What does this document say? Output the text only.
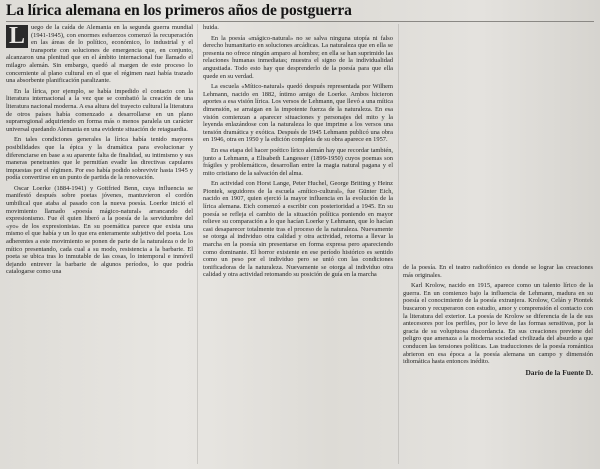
La lírica alemana en los primeros años de postguerra

L uego de la caída de Alemania en la segunda guerra mundial (1941-1945), con enormes esfuerzos comenzó la recuperación en las áreas de lo político, económico, lo industrial y el transporte con soluciones de emergencia que, en conjunto, alcanzaron una plenitud que en el ámbito internacional fue llamado el milagro alemán. Sin embargo, quedó al margen de este proceso lo concerniente al plano cultural en el que el régimen nazi había trazado una absorbente planificación paralizante.

En la lírica, por ejemplo, se había impedido el contacto con la literatura internacional a la vez que se combatió la creación de una literatura nacional moderna. A esa altura del trayecto cultural la literatura de otros países había comenzado a desarrollarse en un plano suprarregional adquiriendo en forma más o menos paralela un carácter universal quedando Alemania en una evidente situación de retaguardia.

En tales condiciones generales la lírica había tenido mayores posibilidades que la épica y la dramática para evolucionar y diferenciarse en base a su aparente falta de finalidad, su intimismo y sus maneras penetrantes que le permitían evadir las directivas capulares impuestas por el régimen. Por eso había podido sobrevivir hasta 1945 y podía convertirse en un punto de partida de la renovación.

Oscar Loerke (1884-1941) y Gottfried Benn, cuya influencia se manifestó después sobre poetas jóvenes, mantuvieron el cordón umbilical que ataba al pasado con la nueva poesía. Loerke inició el movimiento llamado «poesía mágico-natural» arrancando del expresionismo. Fue él quien liberó a la poesía de la servidumbre del «yo» de los expresionistas. En su poemática parece que exista una mismo el que había y un lo que era enteramente subjetivo del poeta. Los adherentes a este movimiento se ponen de parte de la naturaleza o de lo mítico presentando, cada cual a su modo, resistencia a la barbarie. El poeta se ubica tras lo inmutable de las cosas, lo intemporal e inmóvil dejando entrever la barbarie de algunos períodos, lo que podría catalogarse como una

huida.

En la poesía «mágico-natural» no se salva ninguna utopía ni falso derecho humanitario en soluciones arcádicas. La naturaleza que en ella se presenta no ofrece ningún amparo al hombre; en ella se han suprimido las relaciones humanas inmediatas; muestra el signo de la individualidad angustiada. Todo esto hay que desprenderlo de la poesía para que ella quede en su verdad.

La escuela «Mítico-natural» quedó después representada por Wilhem Lehmann, nacido en 1882, íntimo amigo de Loerke. Ambos hicieron aportes a esa visión lírica. Los versos de Lehmann, que llevó a una mítica dimensión, se arraigan en la impotente fuerza de la naturaleza. En esa visión comienzan a aparecer situaciones y personajes del mito y la leyenda enlazándose con la naturaleza lo que imprime a los versos una tensión dramática y exótica. Después de 1945 Lehmann publicó una obra en 1946, otra en 1950 y la edición completa de su obra aparece en 1957.

En esa etapa del hacer poético lírico alemán hay que recordar también, junto a Lehmann, a Elisabeth Langesser (1899-1950) cuyos poemas son frágiles y problemáticos, desarrollan entre la magia natural pagana y el mito cristiano de la salvación del alma.

En actividad con Horst Lange, Peter Huchel, George Britting y Heinz Piontek, seguidores de la escuela «mítico-cultural», fue Günter Eich, nacido en 1907, quien ejerció la mayor influencia en la evolución de la lírica alemana. Eich comenzó a escribir con posterioridad a 1945. En su poesía se refleja el cambio de la situación política poniendo en mayor relieve su comparación a lo que hacían Loerke y Lehmann, que lo hacían casi desaparecer totalmente tras el proceso de la naturaleza. Nuevamente se otorga al individuo otra calidad y otra actividad, retorna a llevar la marcha en la poesía sin presentarse en forma expresa pero apareciendo como dominante. El horror existente en ese período histórico es sentido como un peso por el individuo pero se unió con las condiciones tonificadoras de la naturaleza. Nuevamente se otorga al individuo otra calidad y otra actividad retomando su posición de guía en la marcha

de la poesía. En el teatro radiofónico es donde se lograr las creaciones más originales.

Karl Krolow, nacido en 1915, aparece como un talento lírico de la guerra. En un comienzo bajo la influencia de Lehmann, madura en su poesía el conocimiento de la poesía extranjera. Krolow, Celán y Piontek buscaron y recuperaron con estudio, amor y comprensión el contacto con la literatura del exterior. La poesía de Krolow se diferencia de la de sus antecesores por los perfiles, por lo leve de las formas sensitivas, por la gracia de su voluptuosa discordancia. En sus creaciones previene del peligro que amenaza a la moderna sociedad civilizada del absurdo a que conducen las tensiones políticas. Las traducciones de la poesía romántica abrieron en esa época a la poesía alemana un campo y dimensión idiomática hasta entonces inédito.

Darío de la Fuente D.
